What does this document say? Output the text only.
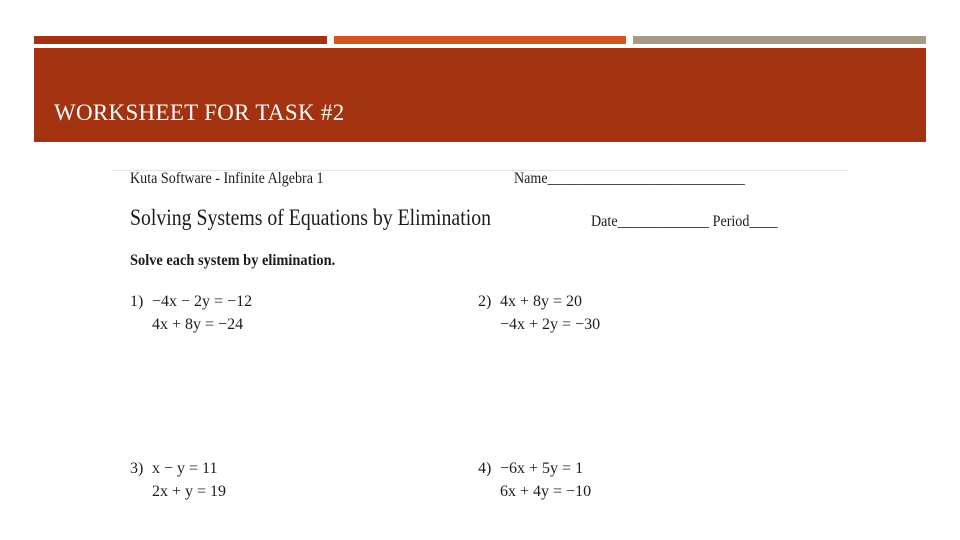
WORKSHEET FOR TASK #2
Kuta Software - Infinite Algebra 1	Name____________________________
Solving Systems of Equations by Elimination	Date_____________ Period____
Solve each system by elimination.
1) −4x − 2y = −12
4x + 8y = −24
2) 4x + 8y = 20
−4x + 2y = −30
3) x − y = 11
2x + y = 19
4) −6x + 5y = 1
6x + 4y = −10
